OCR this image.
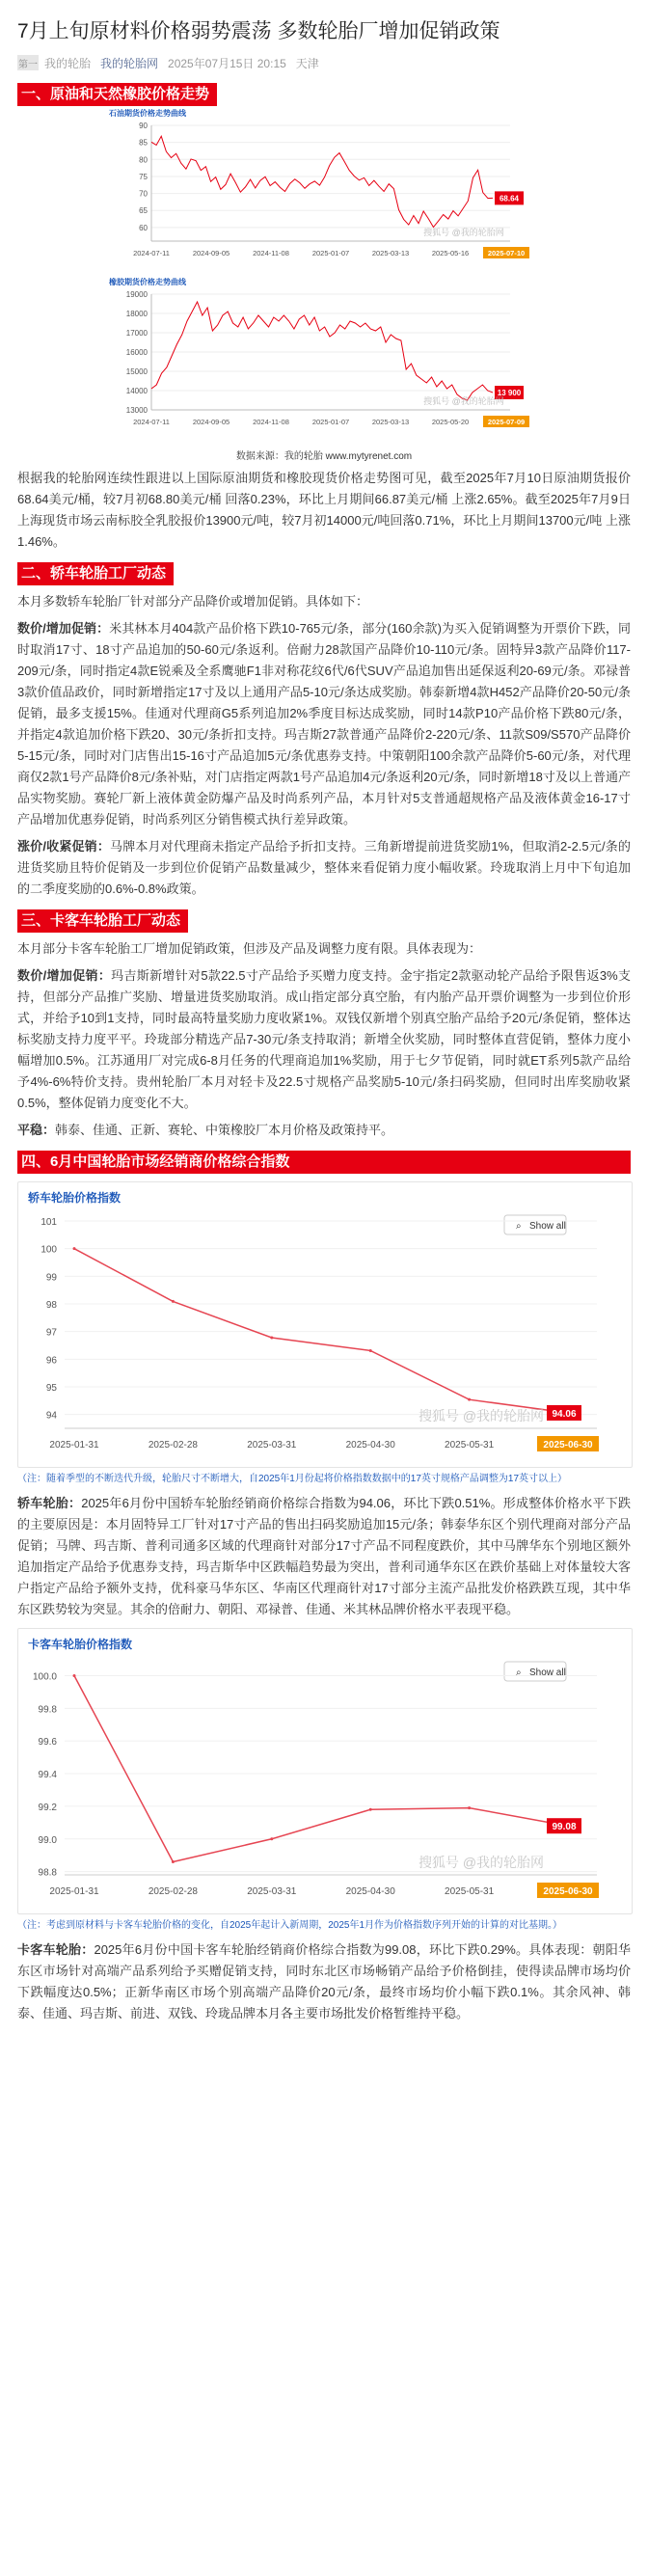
7月上旬原材料价格弱势震荡 多数轮胎厂增加促销政策
第一 我的轮胎 我的轮胎网 2025年07月15日 20:15 天津
一、原油和天然橡胶价格走势
石油期货价格走势曲线
60
65
70
75
80
85
90
2024-07-11	2024-09-05	2024-11-08	2025-01-07	2025-03-13	2025-05-16	2025-07-10
68.64
搜狐号 @我的轮胎网
橡胶期货价格走势曲线
13000
14000
15000
16000
17000
18000
19000
2024-07-11	2024-09-05	2024-11-08	2025-01-07	2025-03-13	2025-05-20	2025-07-09
13 900
搜狐号 @我的轮胎网
数据来源：我的轮胎 www.mytyrenet.com

根据我的轮胎网连续性跟进以上国际原油期货和橡胶现货价格走势图可见，截至2025年7月10日原油期货报价68.64美元/桶，较7月初68.80美元/桶 回落0.23%，环比上月期间66.87美元/桶 上涨2.65%。截至2025年7月9日上海现货市场云南标胶全乳胶报价13900元/吨，较7月初14000元/吨回落0.71%，环比上月期间13700元/吨 上涨1.46%。

二、轿车轮胎工厂动态

本月多数轿车轮胎厂针对部分产品降价或增加促销。具体如下：

数价/增加促销：米其林本月404款产品价格下跌10-765元/条，部分(160余款)为买入促销调整为开票价下跌，同时取消17寸、18寸产品追加的50-60元/条返利。倍耐力28款国产品降价10-110元/条。固特异3款产品降价117-209元/条，同时指定4款E锐乘及全系鹰驰F1非对称花纹6代/6代SUV产品追加售出延保返利20-69元/条。邓禄普3款价值品政价，同时新增指定17寸及以上通用产品5-10元/条达成奖励。韩泰新增4款H452产品降价20-50元/条促销，最多支援15%。佳通对代理商G5系列追加2%季度目标达成奖励，同时14款P10产品价格下跌80元/条，并指定4款追加价格下跌20、30元/条折扣支持。玛吉斯27款普通产品降价2-220元/条、11款S09/S570产品降价5-15元/条，同时对门店售出15-16寸产品追加5元/条优惠券支持。中策朝阳100余款产品降价5-60元/条，对代理商仅2款1号产品降价8元/条补贴，对门店指定两款1号产品追加4元/条返利20元/条，同时新增18寸及以上普通产品实物奖励。赛轮厂新上液体黄金防爆产品及时尚系列产品，本月针对5支普通超规格产品及液体黄金16-17寸产品增加优惠券促销，时尚系列区分销售模式执行差异政策。

涨价/收紧促销：马牌本月对代理商未指定产品给予折扣支持。三角新增提前进货奖励1%，但取消2-2.5元/条的进货奖励且特价促销及一步到位价促销产品数量减少，整体来看促销力度小幅收紧。玲珑取消上月中下旬追加的二季度奖励的0.6%-0.8%政策。

三、卡客车轮胎工厂动态

本月部分卡客车轮胎工厂增加促销政策，但涉及产品及调整力度有限。具体表现为：

数价/增加促销：玛吉斯新增针对5款22.5寸产品给予买赠力度支持。金宇指定2款驱动轮产品给予限售返3%支持，但部分产品推广奖励、增量进货奖励取消。成山指定部分真空胎，有内胎产品开票价调整为一步到位价形式，并给予10到1支持，同时最高特量奖励力度收紧1%。双钱仅新增个别真空胎产品给予20元/条促销，整体达标奖励支持力度平平。玲珑部分精选产品7-30元/条支持取消；新增全伙奖励，同时整体直营促销，整体力度小幅增加0.5%。江苏通用厂对完成6-8月任务的代理商追加1%奖励，用于七夕节促销，同时就ET系列5款产品给予4%-6%特价支持。贵州轮胎厂本月对轻卡及22.5寸规格产品奖励5-10元/条扫码奖励，但同时出库奖励收紧0.5%，整体促销力度变化不大。

平稳：韩泰、佳通、正新、赛轮、中策橡胶厂本月价格及政策持平。

四、6月中国轮胎市场经销商价格综合指数
轿车轮胎价格指数
⌕ Show all
94
95
96
97
98
99
100
101
2025-01-31	2025-02-28	2025-03-31	2025-04-30	2025-05-31	2025-06-30
94.06
搜狐号 @我的轮胎网

（注：随着季型的不断迭代升级，轮胎尺寸不断增大，自2025年1月份起将价格指数数据中的17英寸规格产品调整为17英寸以上）

轿车轮胎：2025年6月份中国轿车轮胎经销商价格综合指数为94.06，环比下跌0.51%。形成整体价格水平下跌的主要原因是：本月固特异工厂针对17寸产品的售出扫码奖励追加15元/条；韩泰华东区个别代理商对部分产品促销；马牌、玛吉斯、普利司通多区域的代理商针对部分17寸产品不同程度跌价，其中马牌华东个别地区额外追加指定产品给予优惠券支持，玛吉斯华中区跌幅趋势最为突出，普利司通华东区在跌价基础上对体量较大客户指定产品给予额外支持，优科豪马华东区、华南区代理商针对17寸部分主流产品批发价格跌跌互现，其中华东区跌势较为突显。其余的倍耐力、朝阳、邓禄普、佳通、米其林品牌价格水平表现平稳。

卡客车轮胎价格指数
⌕ Show all
98.8
99.0
99.2
99.4
99.6
99.8
100.0
2025-01-31	2025-02-28	2025-03-31	2025-04-30	2025-05-31	2025-06-30
99.08
搜狐号 @我的轮胎网

（注：考虑到原材料与卡客车轮胎价格的变化，自2025年起计入新周期，2025年1月作为价格指数序列开始的计算的对比基期。）

卡客车轮胎：2025年6月份中国卡客车轮胎经销商价格综合指数为99.08，环比下跌0.29%。具体表现：朝阳华东区市场针对高端产品系列给予买赠促销支持，同时东北区市场畅销产品给予价格倒挂，使得读品牌市场均价下跌幅度达0.5%；正新华南区市场个别高端产品降价20元/条，最终市场均价小幅下跌0.1%。其余风神、韩泰、佳通、玛吉斯、前进、双钱、玲珑品牌本月各主要市场批发价格暂维持平稳。
